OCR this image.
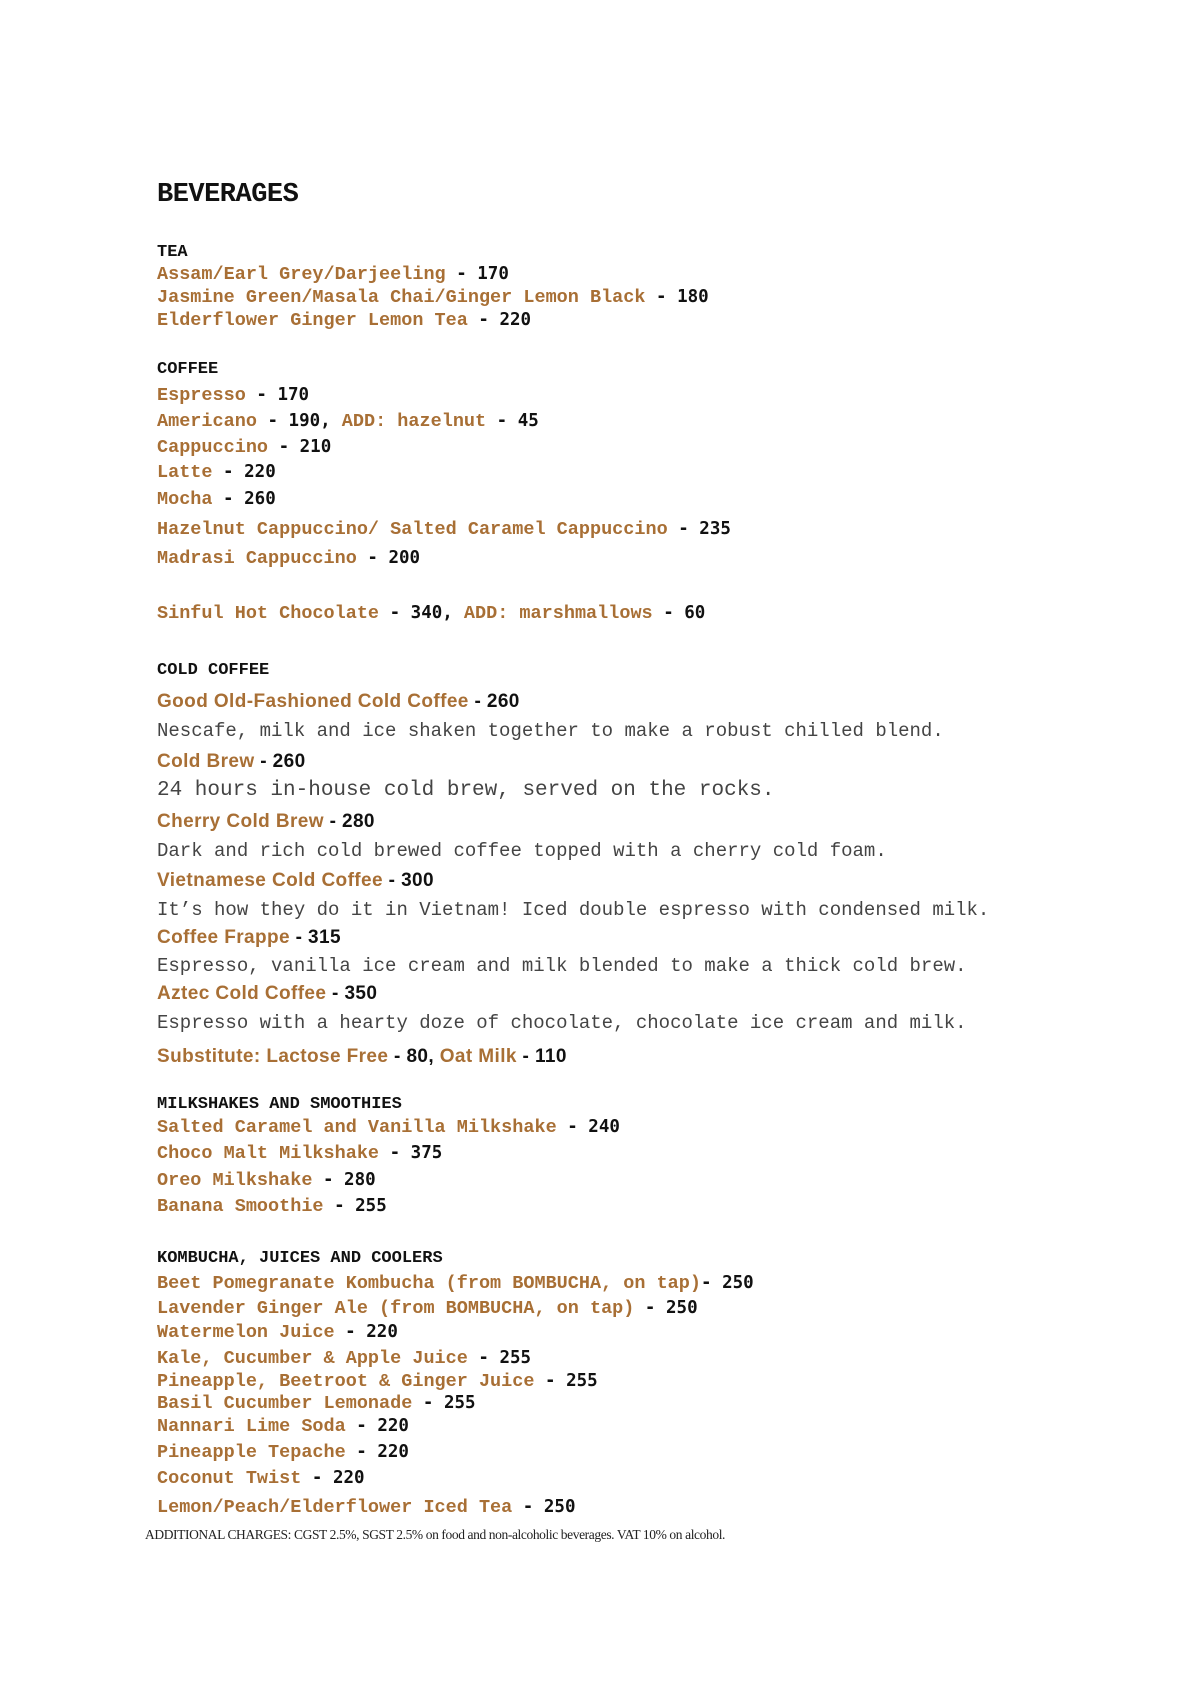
BEVERAGES
TEA
Assam/Earl Grey/Darjeeling - 170
Jasmine Green/Masala Chai/Ginger Lemon Black - 180
Elderflower Ginger Lemon Tea - 220
COFFEE
Espresso - 170
Americano - 190, ADD: hazelnut - 45
Cappuccino - 210
Latte - 220
Mocha - 260
Hazelnut Cappuccino/ Salted Caramel Cappuccino - 235
Madrasi Cappuccino - 200
Sinful Hot Chocolate - 340, ADD: marshmallows - 60
COLD COFFEE
Good Old-Fashioned Cold Coffee - 260
Nescafe, milk and ice shaken together to make a robust chilled blend.
Cold Brew - 260
24 hours in-house cold brew, served on the rocks.
Cherry Cold Brew - 280
Dark and rich cold brewed coffee topped with a cherry cold foam.
Vietnamese Cold Coffee - 300
It’s how they do it in Vietnam! Iced double espresso with condensed milk.
Coffee Frappe - 315
Espresso, vanilla ice cream and milk blended to make a thick cold brew.
Aztec Cold Coffee - 350
Espresso with a hearty doze of chocolate, chocolate ice cream and milk.
Substitute: Lactose Free - 80, Oat Milk - 110
MILKSHAKES AND SMOOTHIES
Salted Caramel and Vanilla Milkshake - 240
Choco Malt Milkshake - 375
Oreo Milkshake - 280
Banana Smoothie - 255
KOMBUCHA, JUICES AND COOLERS
Beet Pomegranate Kombucha (from BOMBUCHA, on tap)- 250
Lavender Ginger Ale (from BOMBUCHA, on tap) - 250
Watermelon Juice - 220
Kale, Cucumber & Apple Juice - 255
Pineapple, Beetroot & Ginger Juice - 255
Basil Cucumber Lemonade - 255
Nannari Lime Soda - 220
Pineapple Tepache - 220
Coconut Twist - 220
Lemon/Peach/Elderflower Iced Tea - 250
ADDITIONAL CHARGES: CGST 2.5%, SGST 2.5% on food and non-alcoholic beverages. VAT 10% on alcohol.
